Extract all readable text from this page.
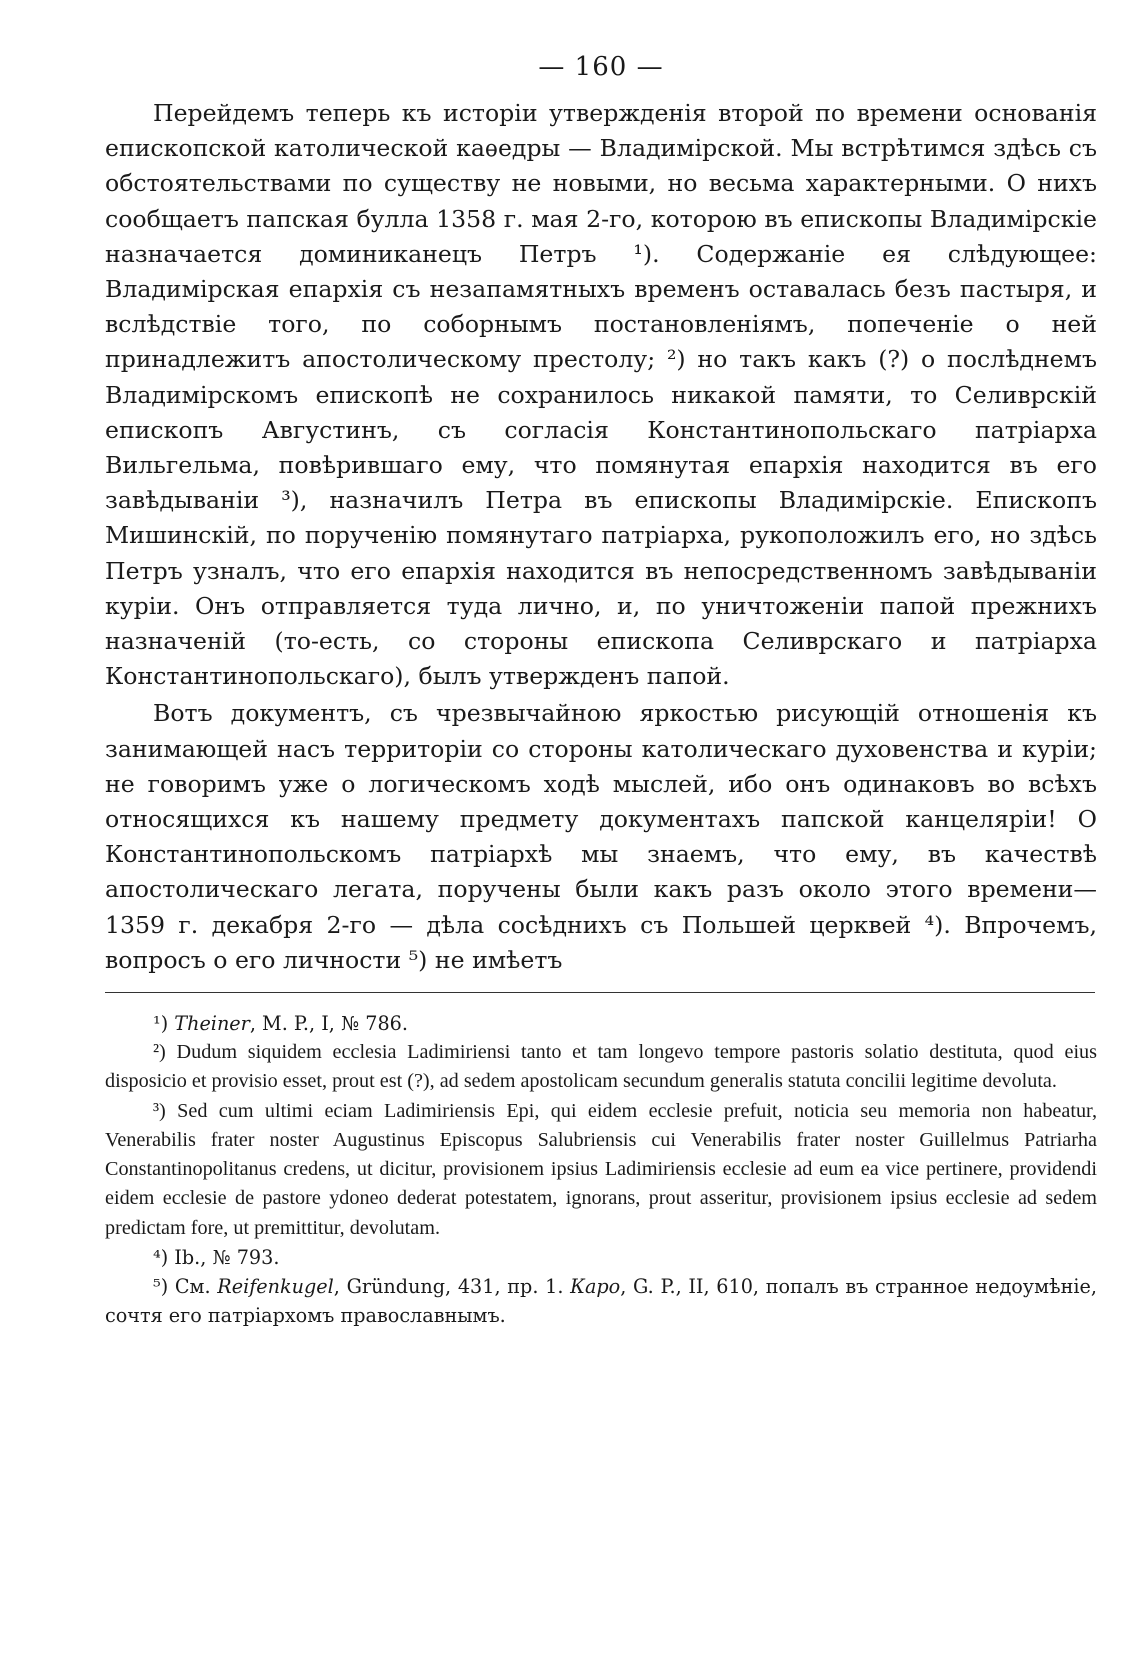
— 160 —

Перейдемъ теперь къ исторіи утвержденія второй по времени основанія епископской католической каѳедры — Владимірской. Мы встрѣтимся здѣсь съ обстоятельствами по существу не новыми, но весьма характерными. О нихъ сообщаетъ папская булла 1358 г. мая 2-го, которою въ епископы Владимірскіе назначается доминиканецъ Петръ ¹). Содержаніе ея слѣдующее: Владимірская епархія съ незапамятныхъ временъ оставалась безъ пастыря, и вслѣдствіе того, по соборнымъ постановленіямъ, попеченіе о ней принадлежитъ апостолическому престолу; ²) но такъ какъ (?) о послѣднемъ Владимірскомъ епископѣ не сохранилось никакой памяти, то Селиврскій епископъ Августинъ, съ согласія Константинопольскаго патріарха Вильгельма, повѣрившаго ему, что помянутая епархія находится въ его завѣдываніи ³), назначилъ Петра въ епископы Владимірскіе. Епископъ Мишинскій, по порученію помянутаго патріарха, рукоположилъ его, но здѣсь Петръ узналъ, что его епархія находится въ непосредственномъ завѣдываніи куріи. Онъ отправляется туда лично, и, по уничтоженіи папой прежнихъ назначеній (то-есть, со стороны епископа Селиврскаго и патріарха Константинопольскаго), былъ утвержденъ папой.

Вотъ документъ, съ чрезвычайною яркостью рисующій отношенія къ занимающей насъ территоріи со стороны католическаго духовенства и куріи; не говоримъ уже о логическомъ ходѣ мыслей, ибо онъ одинаковъ во всѣхъ относящихся къ нашему предмету документахъ папской канцеляріи! О Константинопольскомъ патріархѣ мы знаемъ, что ему, въ качествѣ апостолическаго легата, поручены были какъ разъ около этого времени—1359 г. декабря 2-го — дѣла сосѣднихъ съ Польшей церквей ⁴). Впрочемъ, вопросъ о его личности ⁵) не имѣетъ

¹) Theiner, M. P., I, № 786.

²) Dudum siquidem ecclesia Ladimiriensi tanto et tam longevo tempore pastoris solatio destituta, quod eius disposicio et provisio esset, prout est (?), ad sedem apostolicam secundum generalis statuta concilii legitime devoluta.

³) Sed cum ultimi eciam Ladimiriensis Epi, qui eidem ecclesie prefuit, noticia seu memoria non habeatur, Venerabilis frater noster Augustinus Episcopus Salubriensis cui Venerabilis frater noster Guillelmus Patriarha Constantinopolitanus credens, ut dicitur, provisionem ipsius Ladimiriensis ecclesie ad eum ea vice pertinere, providendi eidem ecclesie de pastore ydoneo dederat potestatem, ignorans, prout asseritur, provisionem ipsius ecclesie ad sedem predictam fore, ut premittitur, devolutam.

⁴) Ib., № 793.

⁵) См. Reifenkugel, Gründung, 431, пр. 1. Каро, G. P., II, 610, попалъ въ странное недоумѣніе, сочтя его патріархомъ православнымъ.
